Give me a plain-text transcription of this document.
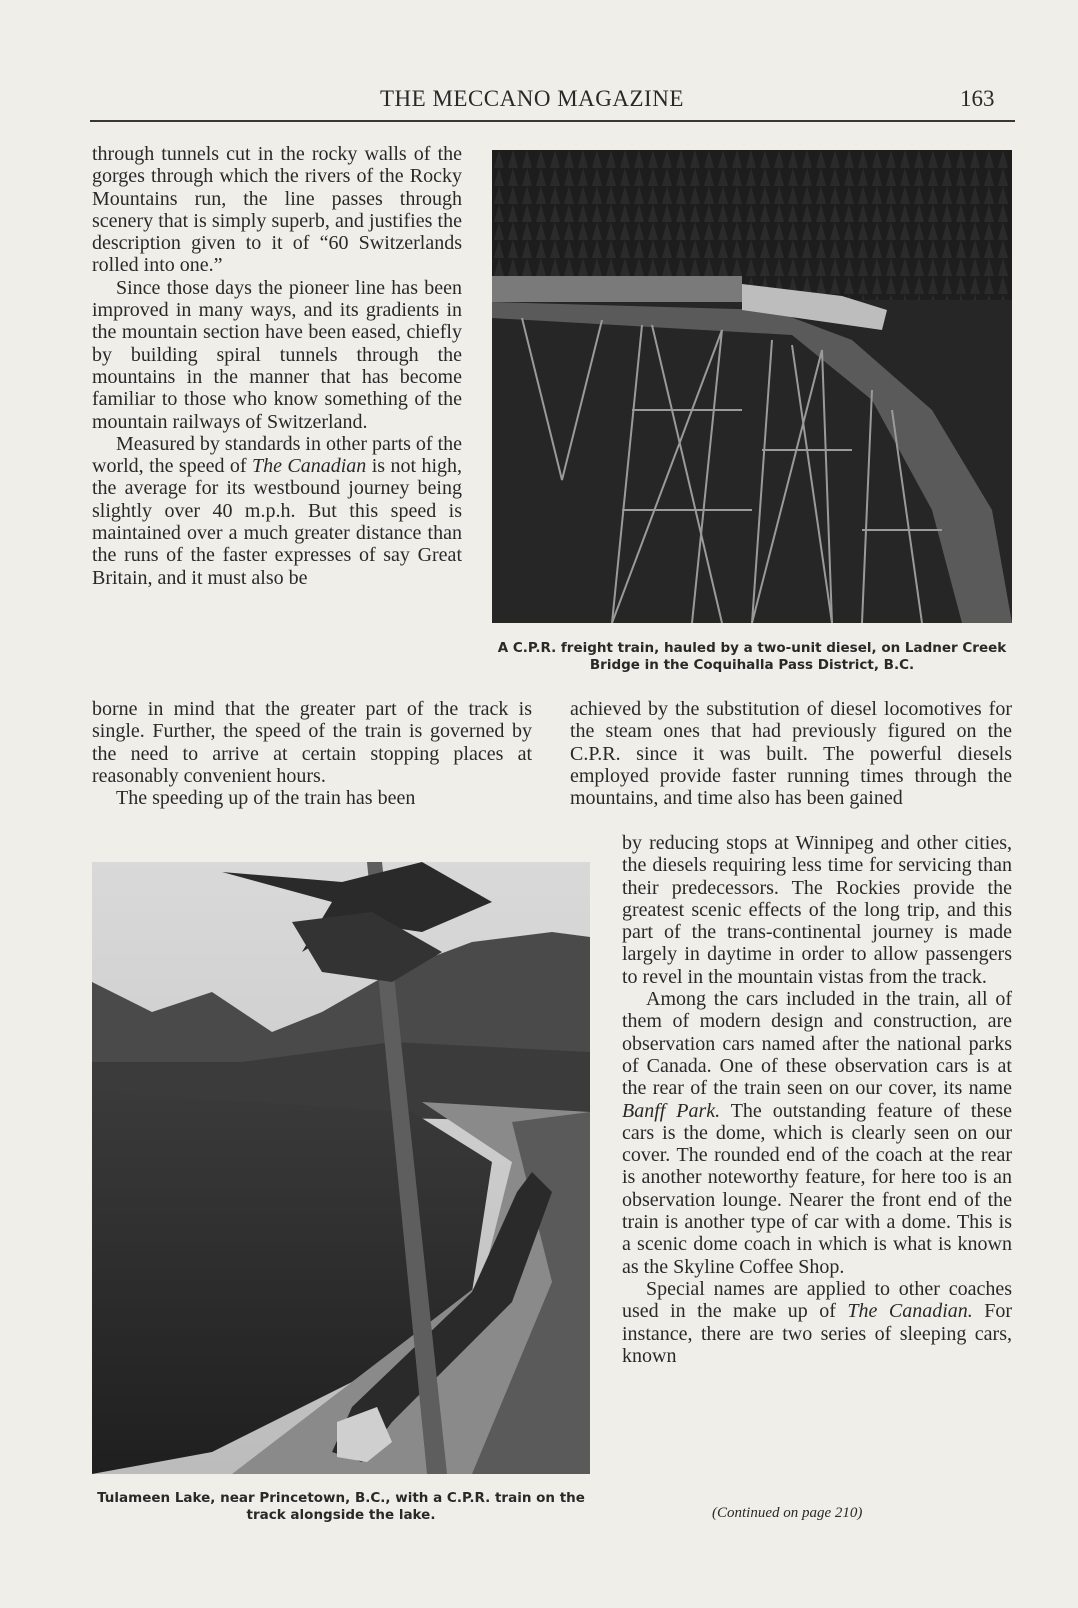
THE MECCANO MAGAZINE	163

through tunnels cut in the rocky walls of the gorges through which the rivers of the Rocky Mountains run, the line passes through scenery that is simply superb, and justifies the description given to it of “60 Switzerlands rolled into one.”

Since those days the pioneer line has been improved in many ways, and its gradients in the mountain section have been eased, chiefly by building spiral tunnels through the mountains in the manner that has become familiar to those who know something of the mountain railways of Switzerland.

Measured by standards in other parts of the world, the speed of The Canadian is not high, the average for its westbound journey being slightly over 40 m.p.h. But this speed is maintained over a much greater distance than the runs of the faster expresses of say Great Britain, and it must also be

A C.P.R. freight train, hauled by a two-unit diesel, on Ladner Creek Bridge in the Coquihalla Pass District, B.C.

borne in mind that the greater part of the track is single. Further, the speed of the train is governed by the need to arrive at certain stopping places at reasonably convenient hours.

The speeding up of the train has been

achieved by the substitution of diesel locomotives for the steam ones that had previously figured on the C.P.R. since it was built. The powerful diesels employed provide faster running times through the mountains, and time also has been gained

Tulameen Lake, near Princetown, B.C., with a C.P.R. train on the track alongside the lake.

by reducing stops at Winnipeg and other cities, the diesels requiring less time for servicing than their predecessors. The Rockies provide the greatest scenic effects of the long trip, and this part of the trans-continental journey is made largely in daytime in order to allow passengers to revel in the mountain vistas from the track.

Among the cars included in the train, all of them of modern design and construction, are observation cars named after the national parks of Canada. One of these observation cars is at the rear of the train seen on our cover, its name Banff Park. The outstanding feature of these cars is the dome, which is clearly seen on our cover. The rounded end of the coach at the rear is another noteworthy feature, for here too is an observation lounge. Nearer the front end of the train is another type of car with a dome. This is a scenic dome coach in which is what is known as the Skyline Coffee Shop.

Special names are applied to other coaches used in the make up of The Canadian. For instance, there are two series of sleeping cars, known

(Continued on page 210)
